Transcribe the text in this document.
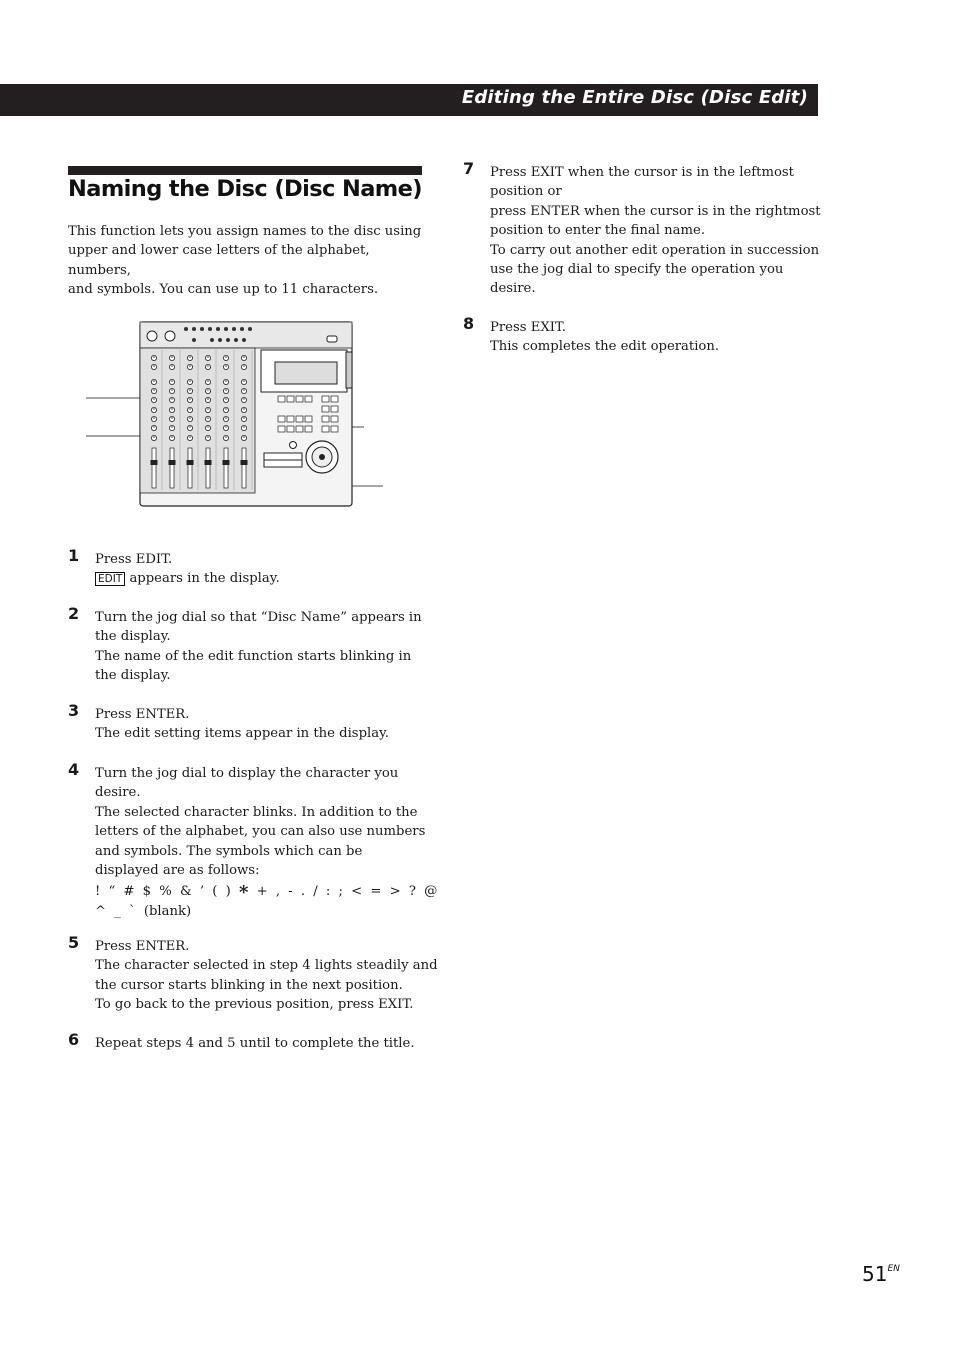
Editing the Entire Disc (Disc Edit)
Naming the Disc (Disc Name)
This function lets you assign names to the disc using
upper and lower case letters of the alphabet, numbers,
and symbols. You can use up to 11 characters.
1 Press EDIT.
EDIT appears in the display.
2 Turn the jog dial so that “Disc Name” appears in
the display.
The name of the edit function starts blinking in
the display.
3 Press ENTER.
The edit setting items appear in the display.
4 Turn the jog dial to display the character you
desire.
The selected character blinks. In addition to the
letters of the alphabet, you can also use numbers
and symbols. The symbols which can be
displayed are as follows:
! “ # $ % & ’ ( ) * + , - . / : ; < = > ? @
^ _ ` (blank)
5 Press ENTER.
The character selected in step 4 lights steadily and
the cursor starts blinking in the next position.
To go back to the previous position, press EXIT.
6 Repeat steps 4 and 5 until to complete the title.
7 Press EXIT when the cursor is in the leftmost
position or
press ENTER when the cursor is in the rightmost
position to enter the final name.
To carry out another edit operation in succession
use the jog dial to specify the operation you
desire.
8 Press EXIT.
This completes the edit operation.
$51^{EN}$
